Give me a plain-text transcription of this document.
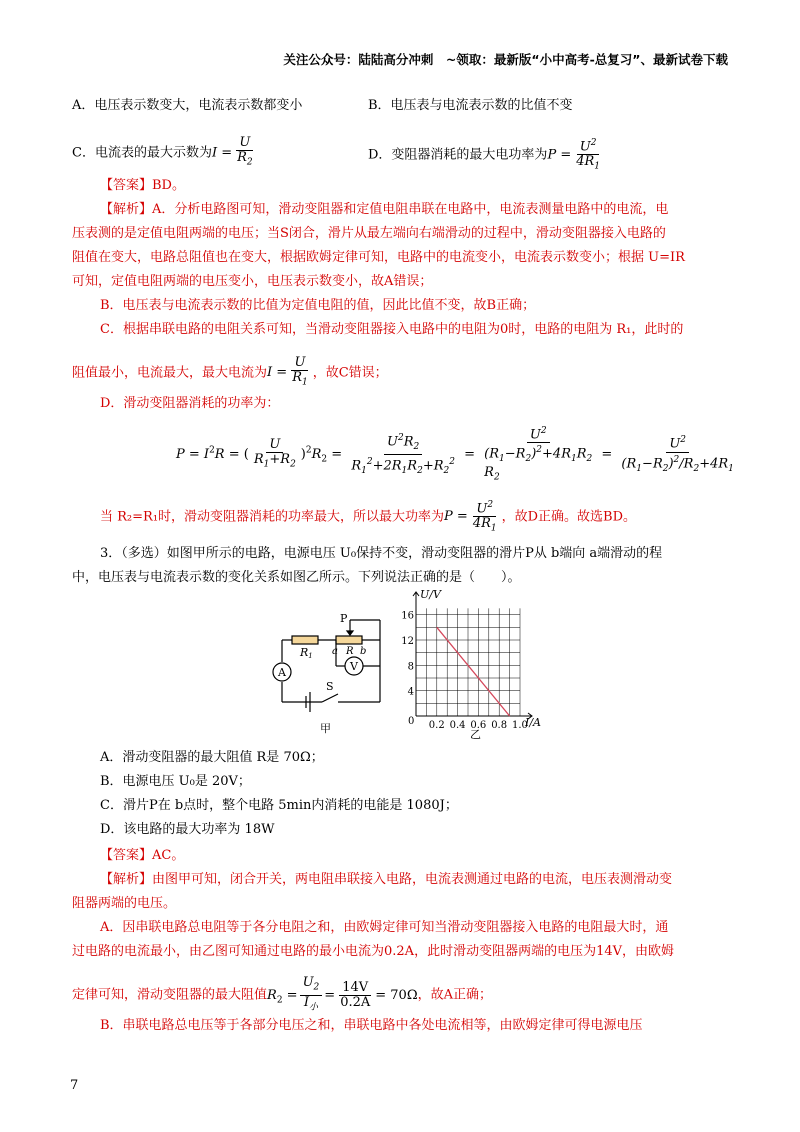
关注公众号：陆陆高分冲刺　~领取：最新版“小中高考-总复习”、最新试卷下载
A．电压表示数变大，电流表示数都变小	B．电压表与电流表示数的比值不变
C．电流表的最大示数为$I = \frac{U}{R_2}$	D．变阻器消耗的最大电功率为$P = \frac{U^2}{4R_1}$
【答案】BD。
【解析】A．分析电路图可知，滑动变阻器和定值电阻串联在电路中，电流表测量电路中的电流，电
压表测的是定值电阻两端的电压；当S闭合，滑片从最左端向右端滑动的过程中，滑动变阻器接入电路的
阻值在变大，电路总阻值也在变大，根据欧姆定律可知，电路中的电流变小，电流表示数变小；根据 U=IR
可知，定值电阻两端的电压变小，电压表示数变小，故A错误；
B．电压表与电流表示数的比值为定值电阻的值，因此比值不变，故B正确；
C．根据串联电路的电阻关系可知，当滑动变阻器接入电路中的电阻为0时，电路的电阻为 R₁，此时的
阻值最小，电流最大，最大电流为$I = \frac{U}{R_1}$ ，故C错误；
D．滑动变阻器消耗的功率为：
$P = I^2R$ = ( $\frac{U}{R_1+R_2} )^2R_2 = \frac{U^2R_2}{R_1^2+2R_1R_2+R_2^2}$ =
$U^2$
$(R_1-R_2)^2+4R_1R_2$
$R_2$
= $\frac{U^2}{(R_1-R_2)^2/R_2+4R_1}$
当 R₂=R₁时，滑动变阻器消耗的功率最大，所以最大功率为$P = \frac{U^2}{4R_1}$ ，故D正确。故选BD。
3．（多选）如图甲所示的电路，电源电压 U₀保持不变，滑动变阻器的滑片P从 b端向 a端滑动的程
中，电压表与电流表示数的变化关系如图乙所示。下列说法正确的是（　　）。
A	V
R1
P
a R b
S
甲	0.2 0.4 0.6 0.8 1.0
4
8
12
16
U/V
I/A
0
乙
A．滑动变阻器的最大阻值 R是 70Ω；
B．电源电压 U₀是 20V；
C．滑片P在 b点时，整个电路 5min内消耗的电能是 1080J；
D．该电路的最大功率为 18W
【答案】AC。
【解析】由图甲可知，闭合开关，两电阻串联接入电路，电流表测通过电路的电流，电压表测滑动变
阻器两端的电压。
A．因串联电路总电阻等于各分电阻之和，由欧姆定律可知当滑动变阻器接入电路的电阻最大时，通
过电路的电流最小，由乙图可知通过电路的最小电流为0.2A，此时滑动变阻器两端的电压为14V，由欧姆
定律可知，滑动变阻器的最大阻值$R_2 = \frac{U_2}{I_小} = \frac{14V}{0.2A} = 70\Omega$，故A正确；
B．串联电路总电压等于各部分电压之和，串联电路中各处电流相等，由欧姆定律可得电源电压
7
